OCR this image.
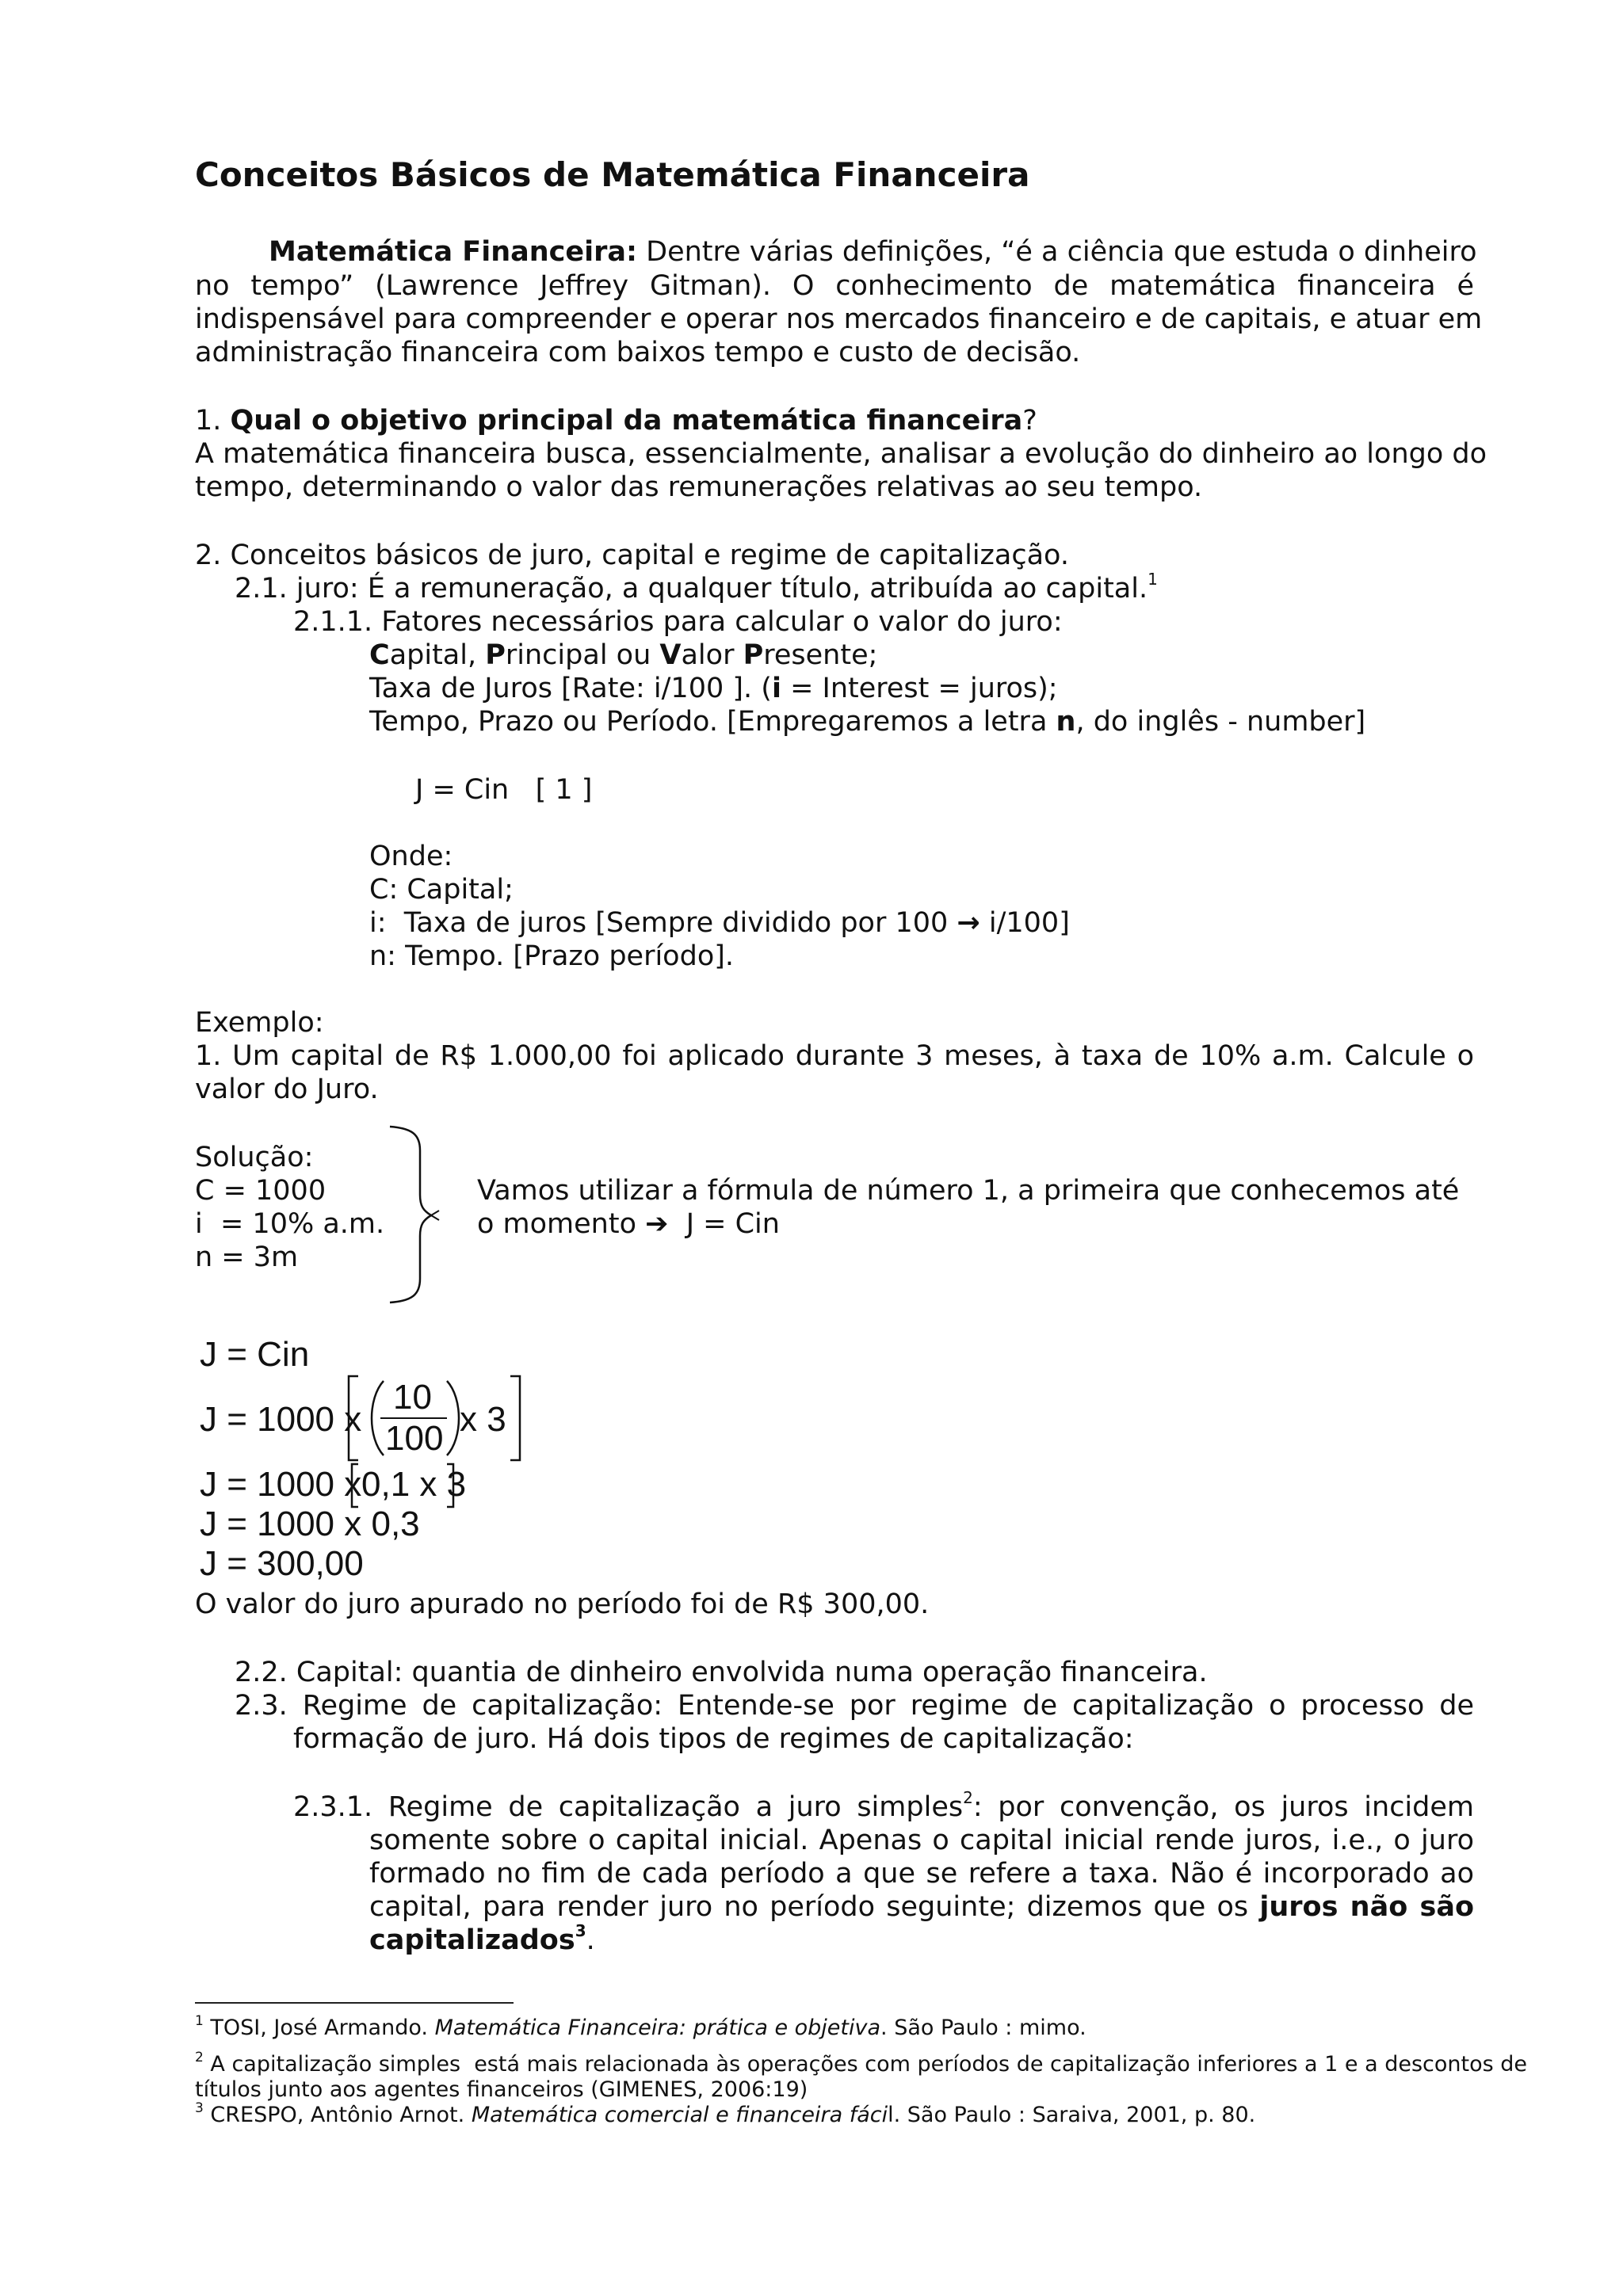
Conceitos Básicos de Matemática Financeira
Matemática Financeira: Dentre várias definições, “é a ciência que estuda o dinheiro
no tempo” (Lawrence Jeffrey Gitman). O conhecimento de matemática financeira é
indispensável para compreender e operar nos mercados financeiro e de capitais, e atuar em
administração financeira com baixos tempo e custo de decisão.
1. Qual o objetivo principal da matemática financeira?
A matemática financeira busca, essencialmente, analisar a evolução do dinheiro ao longo do
tempo, determinando o valor das remunerações relativas ao seu tempo.
2. Conceitos básicos de juro, capital e regime de capitalização.
2.1. juro: É a remuneração, a qualquer título, atribuída ao capital.$^1$
2.1.1. Fatores necessários para calcular o valor do juro:
Capital, Principal ou Valor Presente;
Taxa de Juros [Rate: i/100 ]. (i = Interest = juros);
Tempo, Prazo ou Período. [Empregaremos a letra n, do inglês - number]
J = Cin   [ 1 ]
Onde:
C: Capital;
i:  Taxa de juros [Sempre dividido por 100 → i/100]
n: Tempo. [Prazo período].
Exemplo:
1. Um capital de R$ 1.000,00 foi aplicado durante 3 meses, à taxa de 10% a.m. Calcule o
valor do Juro.
Solução:
C = 1000
i  = 10% a.m.
n = 3m
Vamos utilizar a fórmula de número 1, a primeira que conhecemos até
o momento ➔  J = Cin
J = Cin
J = 1000 x
10
100 x 3
J = 1000 x 0,1 x 3
J = 1000 x 0,3
J = 300,00
O valor do juro apurado no período foi de R$ 300,00.
2.2. Capital: quantia de dinheiro envolvida numa operação financeira.
2.3. Regime de capitalização: Entende-se por regime de capitalização o processo de
formação de juro. Há dois tipos de regimes de capitalização:
2.3.1. Regime de capitalização a juro simples$^2$: por convenção, os juros incidem
somente sobre o capital inicial. Apenas o capital inicial rende juros, i.e., o juro
formado no fim de cada período a que se refere a taxa. Não é incorporado ao
capital, para render juro no período seguinte; dizemos que os juros não são
capitalizados$^3$.
$^1$ TOSI, José Armando. Matemática Financeira: prática e objetiva. São Paulo : mimo.
$^2$ A capitalização simples  está mais relacionada às operações com períodos de capitalização inferiores a 1 e a descontos de
títulos junto aos agentes financeiros (GIMENES, 2006:19)
$^3$ CRESPO, Antônio Arnot. Matemática comercial e financeira fácil. São Paulo : Saraiva, 2001, p. 80.
